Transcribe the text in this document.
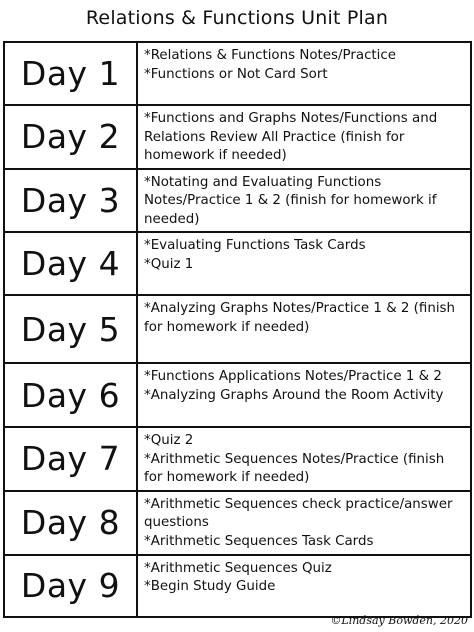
Relations & Functions Unit Plan
Day 1	*Relations & Functions Notes/Practice
*Functions or Not Card Sort

Day 2	*Functions and Graphs Notes/Functions and Relations Review All Practice (finish for homework if needed)

Day 3	*Notating and Evaluating Functions Notes/Practice 1 & 2 (finish for homework if needed)

Day 4	*Evaluating Functions Task Cards
*Quiz 1

Day 5	*Analyzing Graphs Notes/Practice 1 & 2 (finish for homework if needed)

Day 6	*Functions Applications Notes/Practice 1 & 2
*Analyzing Graphs Around the Room Activity

Day 7	*Quiz 2
*Arithmetic Sequences Notes/Practice (finish for homework if needed)

Day 8	*Arithmetic Sequences check practice/answer questions
*Arithmetic Sequences Task Cards

Day 9	*Arithmetic Sequences Quiz
*Begin Study Guide
©Lindsay Bowden, 2020
